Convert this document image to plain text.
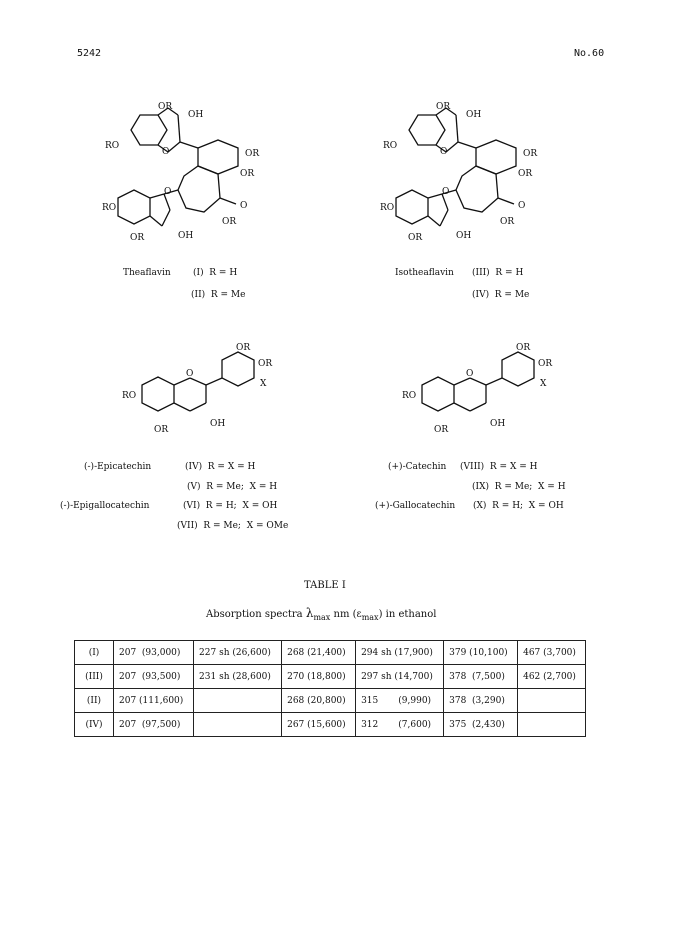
5242	No.60
OR
OH
RO
O	OR
OR
OR
O
RO
O
OR	OH
Theaflavin (I)  R = H
(II)  R = Me
OR
OH
RO
O	OR
OR
OR
O
RO
O
OR	OH
Isotheaflavin (III)  R = H
(IV)  R = Me
OR
OR
X
RO
O
OR
OH
(-)-Epicatechin	(IV)  R = X = H
(V)  R = Me;  X = H
(-)-Epigallocatechin	(VI)  R = H;  X = OH
(VII)  R = Me;  X = OMe
OR
OR
X
RO
O
OR
OH
(+)-Catechin (VIII)  R = X = H
(IX)  R = Me;  X = H
(+)-Gallocatechin (X)  R = H;  X = OH
TABLE I
Absorption spectra $\lambda_{max}$ nm $(\varepsilon_{max})$ in ethanol
(I)	207  (93,000)	227 sh (26,600)	268 (21,400)	294 sh (17,900)	379 (10,100)	467 (3,700)
(III)	207  (93,500)	231 sh (28,600)	270 (18,800)	297 sh (14,700)	378  (7,500)	462 (2,700)
(II)	207 (111,600)		268 (20,800)	315       (9,990)	378  (3,290)	
(IV)	207  (97,500)		267 (15,600)	312       (7,600)	375  (2,430)	
